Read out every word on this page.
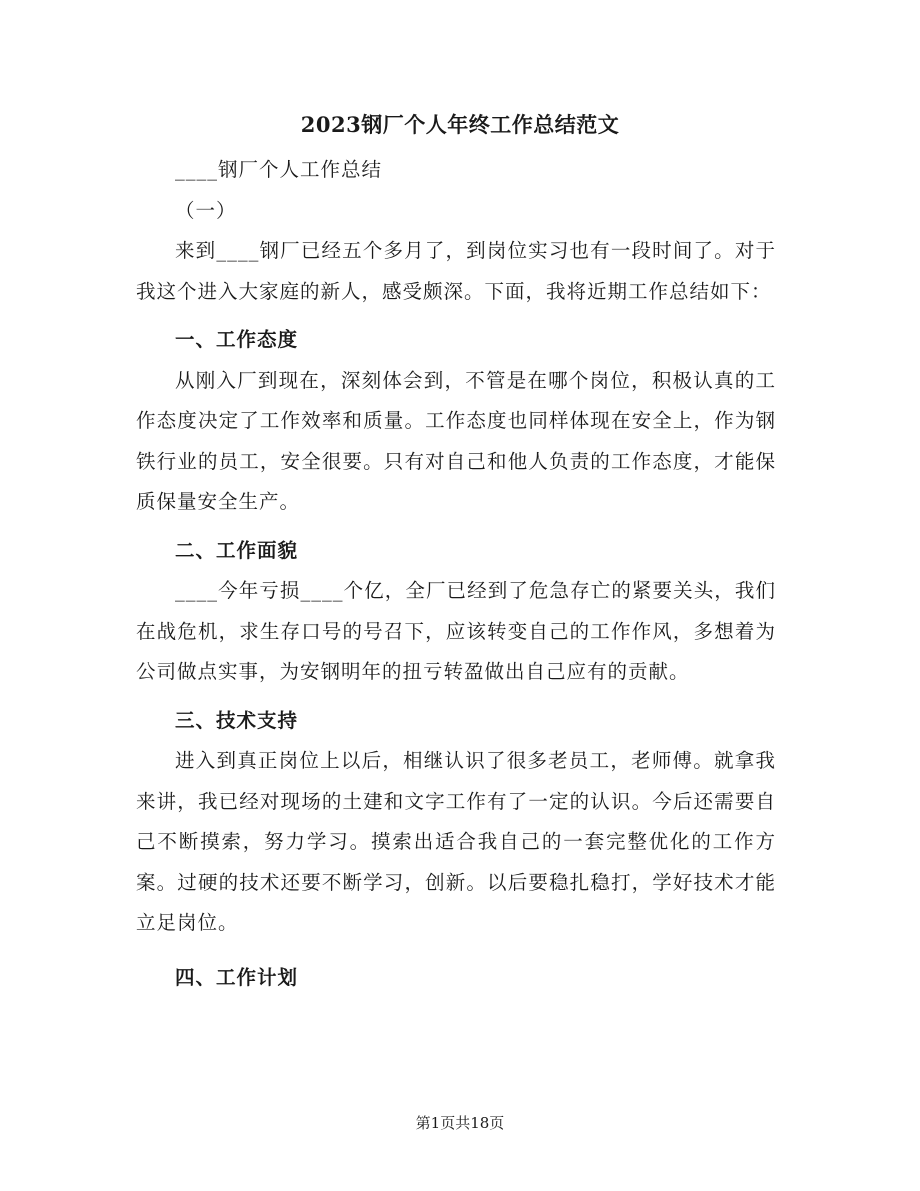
2023钢厂个人年终工作总结范文

____钢厂个人工作总结

（一）

来到____钢厂已经五个多月了，到岗位实习也有一段时间了。对于我这个进入大家庭的新人，感受颇深。下面，我将近期工作总结如下：

一、工作态度

从刚入厂到现在，深刻体会到，不管是在哪个岗位，积极认真的工作态度决定了工作效率和质量。工作态度也同样体现在安全上，作为钢铁行业的员工，安全很要。只有对自己和他人负责的工作态度，才能保质保量安全生产。

二、工作面貌

____今年亏损____个亿，全厂已经到了危急存亡的紧要关头，我们在战危机，求生存口号的号召下，应该转变自己的工作作风，多想着为公司做点实事，为安钢明年的扭亏转盈做出自己应有的贡献。

三、技术支持

进入到真正岗位上以后，相继认识了很多老员工，老师傅。就拿我来讲，我已经对现场的土建和文字工作有了一定的认识。今后还需要自己不断摸索，努力学习。摸索出适合我自己的一套完整优化的工作方案。过硬的技术还要不断学习，创新。以后要稳扎稳打，学好技术才能立足岗位。

四、工作计划

第1页共18页
